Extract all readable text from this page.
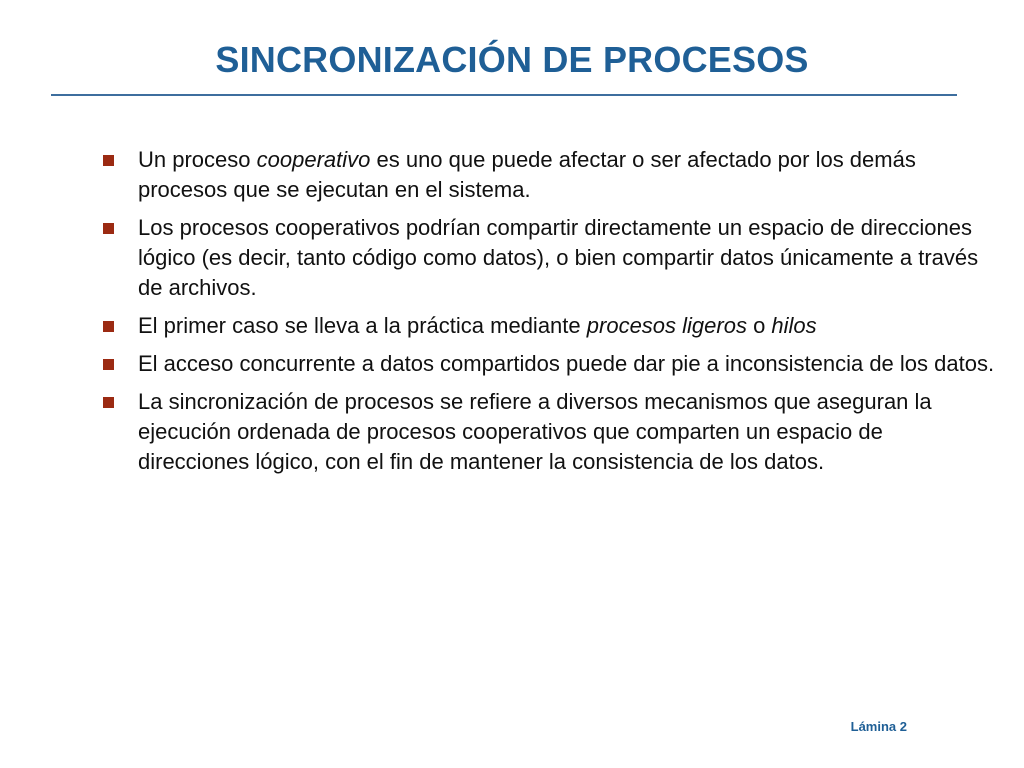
SINCRONIZACIÓN DE PROCESOS
Un proceso cooperativo es uno que puede afectar o ser afectado por los demás procesos que se ejecutan en el sistema.
Los procesos cooperativos podrían compartir directamente un espacio de direcciones lógico (es decir, tanto código como datos), o bien compartir datos únicamente a través de archivos.
El primer caso se lleva a la práctica mediante procesos ligeros o hilos
El acceso concurrente a datos compartidos puede dar pie a inconsistencia de los datos.
La sincronización de procesos se refiere a diversos mecanismos que aseguran la ejecución ordenada de procesos cooperativos que comparten un espacio de direcciones lógico, con el fin de mantener la consistencia de los datos.
Lámina 2
